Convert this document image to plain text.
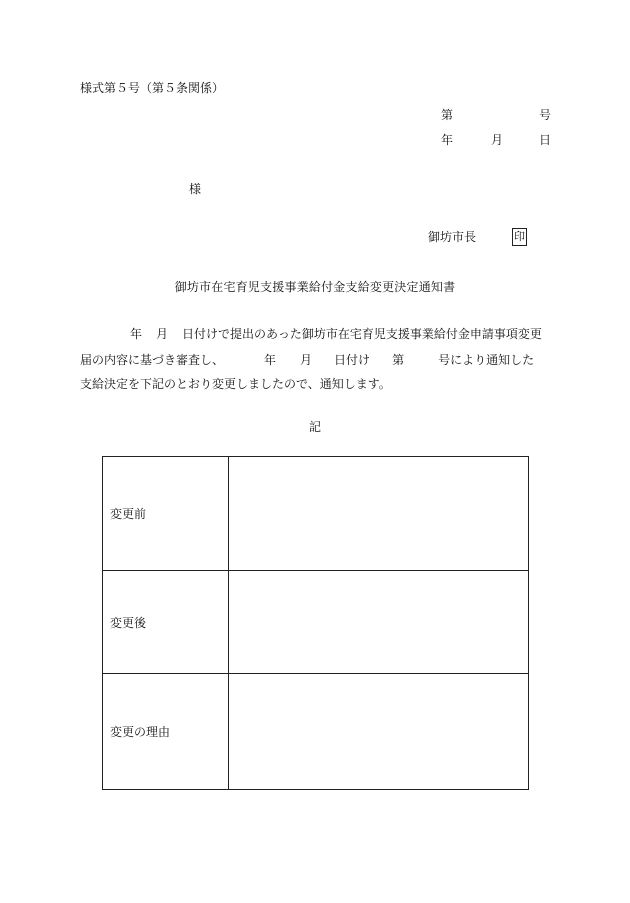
様式第５号（第５条関係）
第	号
年	月	日
様
御坊市長	印
御坊市在宅育児支援事業給付金支給変更決定通知書
年 月 日付けで提出のあった御坊市在宅育児支援事業給付金申請事項変更
届の内容に基づき審査し、	年 月 日付け 第	号により通知した
支給決定を下記のとおり変更しましたので、通知します。
記
変更前	
変更後	
変更の理由	
